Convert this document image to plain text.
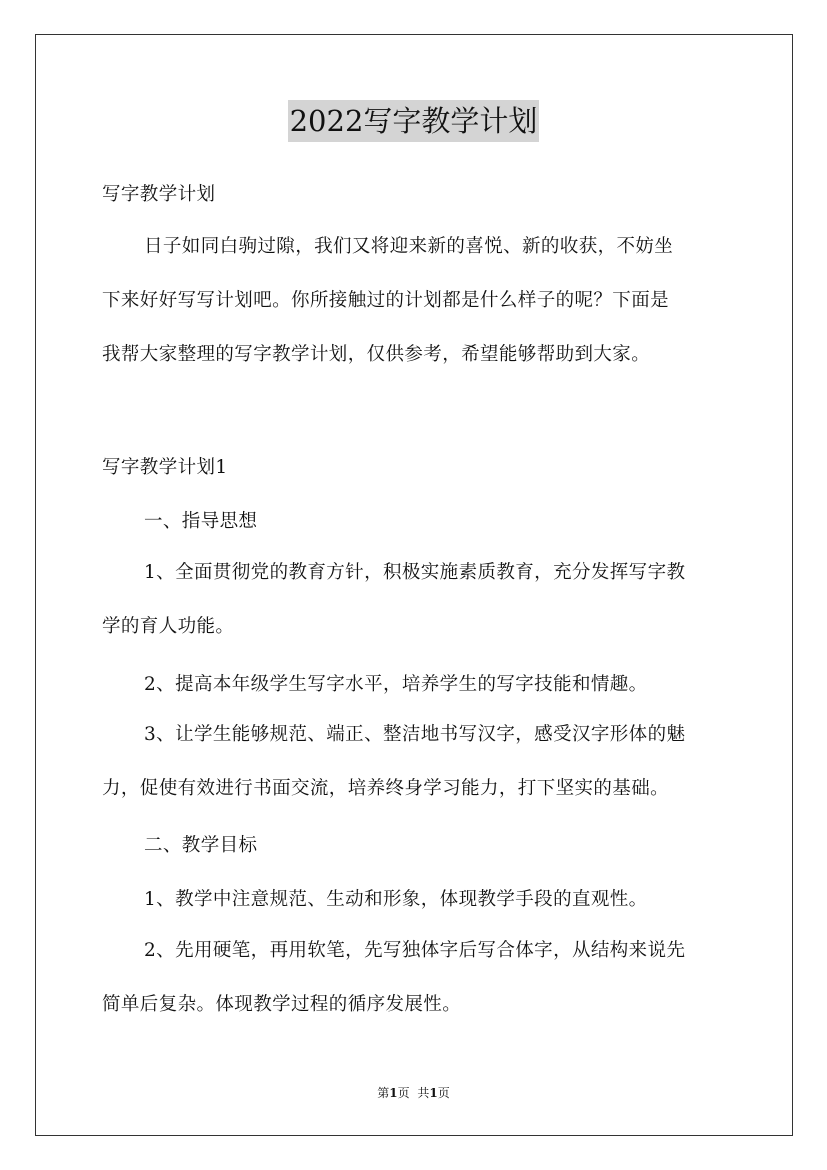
2022写字教学计划
写字教学计划
日子如同白驹过隙，我们又将迎来新的喜悦、新的收获，不妨坐
下来好好写写计划吧。你所接触过的计划都是什么样子的呢？下面是
我帮大家整理的写字教学计划，仅供参考，希望能够帮助到大家。
写字教学计划1
一、指导思想
1、全面贯彻党的教育方针，积极实施素质教育，充分发挥写字教
学的育人功能。
2、提高本年级学生写字水平，培养学生的写字技能和情趣。
3、让学生能够规范、端正、整洁地书写汉字，感受汉字形体的魅
力，促使有效进行书面交流，培养终身学习能力，打下坚实的基础。
二、教学目标
1、教学中注意规范、生动和形象，体现教学手段的直观性。
2、先用硬笔，再用软笔，先写独体字后写合体字，从结构来说先
简单后复杂。体现教学过程的循序发展性。
第1页 共1页
